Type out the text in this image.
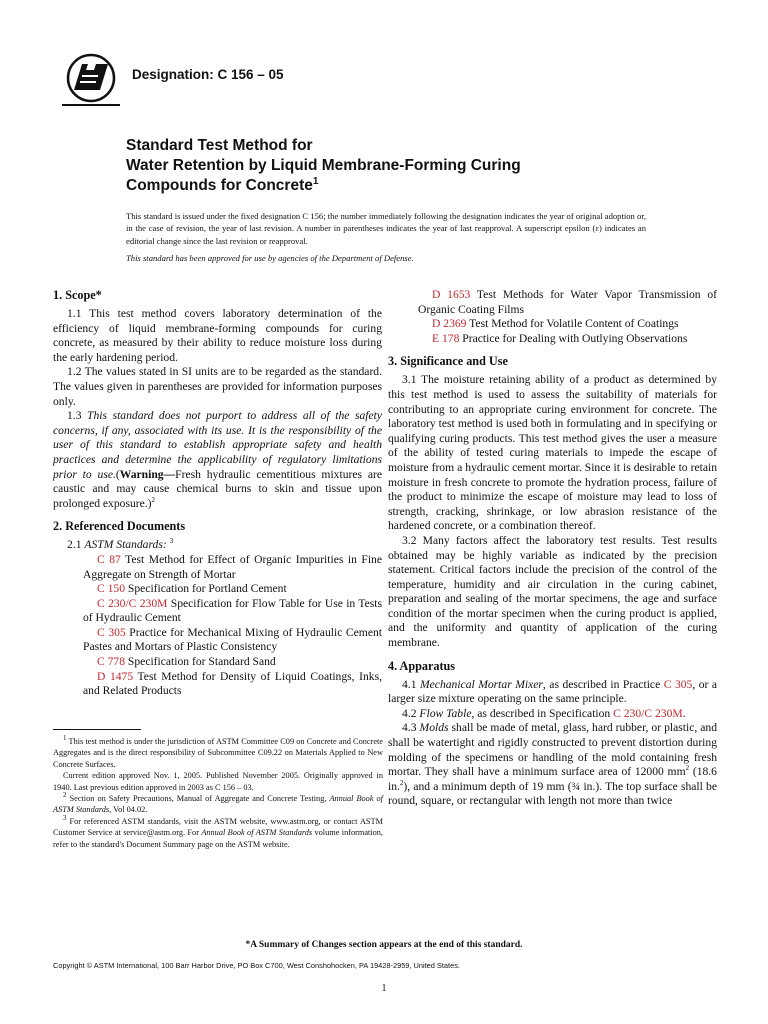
Designation: C 156 – 05
Standard Test Method for
Water Retention by Liquid Membrane-Forming Curing
Compounds for Concrete$^1$
This standard is issued under the fixed designation C 156; the number immediately following the designation indicates the year of original adoption or, in the case of revision, the year of last revision. A number in parentheses indicates the year of last reapproval. A superscript epsilon (ε) indicates an editorial change since the last revision or reapproval.
This standard has been approved for use by agencies of the Department of Defense.
1. Scope*

1.1 This test method covers laboratory determination of the efficiency of liquid membrane-forming compounds for curing concrete, as measured by their ability to reduce moisture loss during the early hardening period.

1.2 The values stated in SI units are to be regarded as the standard. The values given in parentheses are provided for information purposes only.

1.3 This standard does not purport to address all of the safety concerns, if any, associated with its use. It is the responsibility of the user of this standard to establish appropriate safety and health practices and determine the applicability of regulatory limitations prior to use.(Warning—Fresh hydraulic cementitious mixtures are caustic and may cause chemical burns to skin and tissue upon prolonged exposure.)$^2$

2. Referenced Documents

2.1 ASTM Standards: $^3$

C 87 Test Method for Effect of Organic Impurities in Fine Aggregate on Strength of Mortar

C 150 Specification for Portland Cement

C 230/C 230M Specification for Flow Table for Use in Tests of Hydraulic Cement

C 305 Practice for Mechanical Mixing of Hydraulic Cement Pastes and Mortars of Plastic Consistency

C 778 Specification for Standard Sand

D 1475 Test Method for Density of Liquid Coatings, Inks, and Related Products

$^1$ This test method is under the jurisdiction of ASTM Committee C09 on Concrete and Concrete Aggregates and is the direct responsibility of Subcommittee C09.22 on Materials Applied to New Concrete Surfaces.

Current edition approved Nov. 1, 2005. Published November 2005. Originally approved in 1940. Last previous edition approved in 2003 as C 156 – 03.

$^2$ Section on Safety Precautions, Manual of Aggregate and Concrete Testing, Annual Book of ASTM Standards, Vol 04.02.

$^3$ For referenced ASTM standards, visit the ASTM website, www.astm.org, or contact ASTM Customer Service at service@astm.org. For Annual Book of ASTM Standards volume information, refer to the standard's Document Summary page on the ASTM website.

D 1653 Test Methods for Water Vapor Transmission of Organic Coating Films

D 2369 Test Method for Volatile Content of Coatings

E 178 Practice for Dealing with Outlying Observations

3. Significance and Use

3.1 The moisture retaining ability of a product as determined by this test method is used to assess the suitability of materials for contributing to an appropriate curing environment for concrete. The laboratory test method is used both in formulating and in specifying or qualifying curing products. This test method gives the user a measure of the ability of tested curing materials to impede the escape of moisture from a hydraulic cement mortar. Since it is desirable to retain moisture in fresh concrete to promote the hydration process, failure of the product to minimize the escape of moisture may lead to loss of strength, cracking, shrinkage, or low abrasion resistance of the hardened concrete, or a combination thereof.

3.2 Many factors affect the laboratory test results. Test results obtained may be highly variable as indicated by the precision statement. Critical factors include the precision of the control of the temperature, humidity and air circulation in the curing cabinet, preparation and sealing of the mortar specimens, the age and surface condition of the mortar specimen when the curing product is applied, and the uniformity and quantity of application of the curing membrane.

4. Apparatus

4.1 Mechanical Mortar Mixer, as described in Practice C 305, or a larger size mixture operating on the same principle.

4.2 Flow Table, as described in Specification C 230/C 230M.

4.3 Molds shall be made of metal, glass, hard rubber, or plastic, and shall be watertight and rigidly constructed to prevent distortion during molding of the specimens or handling of the mold containing fresh mortar. They shall have a minimum surface area of 12000 $mm^2$ (18.6 in.$^2$), and a minimum depth of 19 mm (¾ in.). The top surface shall be round, square, or rectangular with length not more than twice

*A Summary of Changes section appears at the end of this standard.
Copyright © ASTM International, 100 Barr Harbor Drive, PO Box C700, West Conshohocken, PA 19428-2959, United States.
1
